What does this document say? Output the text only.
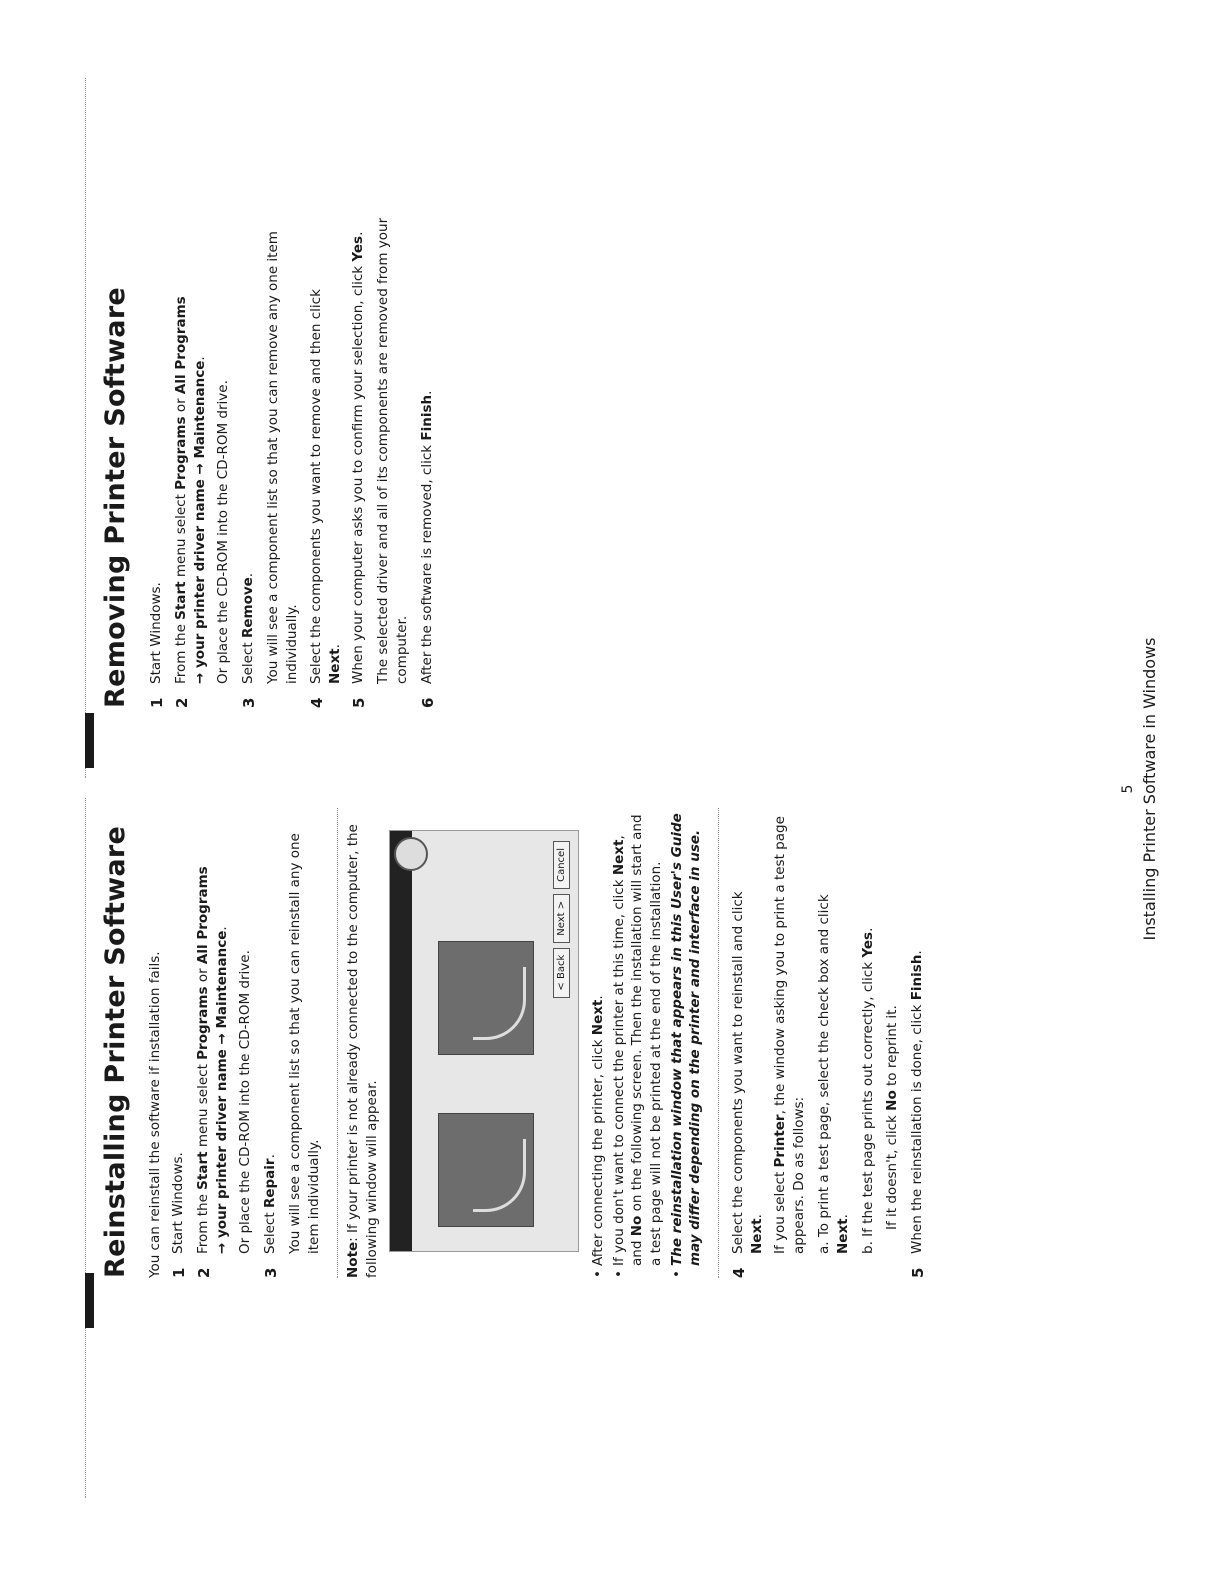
Reinstalling Printer Software You can reinstall the software if installation fails. 1
Start Windows.
2
From the Start menu select Programs or All Programs
→ your printer driver name → Maintenance.

Or place the CD-ROM into the CD-ROM drive.

3
Select Repair. You will see a component list so that you can reinstall any one item individually.

Note: If your printer is not already connected to the computer, the following window will appear.

< Back
Next >
Cancel
• After connecting the printer, click Next. • If you don't want to connect the printer at this time, click Next, and No on the following screen. Then the installation will start and a test page will not be printed at the end of the installation. • The reinstallation window that appears in this User's Guide may differ depending on the printer and interface in use.
4
Select the components you want to reinstall and click
Next. If you select Printer, the window asking you to print a test page appears. Do as follows: a. To print a test page, select the check box and click
Next. b. If the test page prints out correctly, click Yes.

If it doesn't, click No to reprint it.

5
When the reinstallation is done, click Finish.
Removing Printer Software 1
Start Windows.
2
From the Start menu select Programs or All Programs
→ your printer driver name → Maintenance.

Or place the CD-ROM into the CD-ROM drive.

3
Select Remove. You will see a component list so that you can remove any one item individually.

4
Select the components you want to remove and then click
Next.
5
When your computer asks you to confirm your selection, click Yes. The selected driver and all of its components are removed from your computer.

6
After the software is removed, click Finish.
5 Installing Printer Software in Windows
